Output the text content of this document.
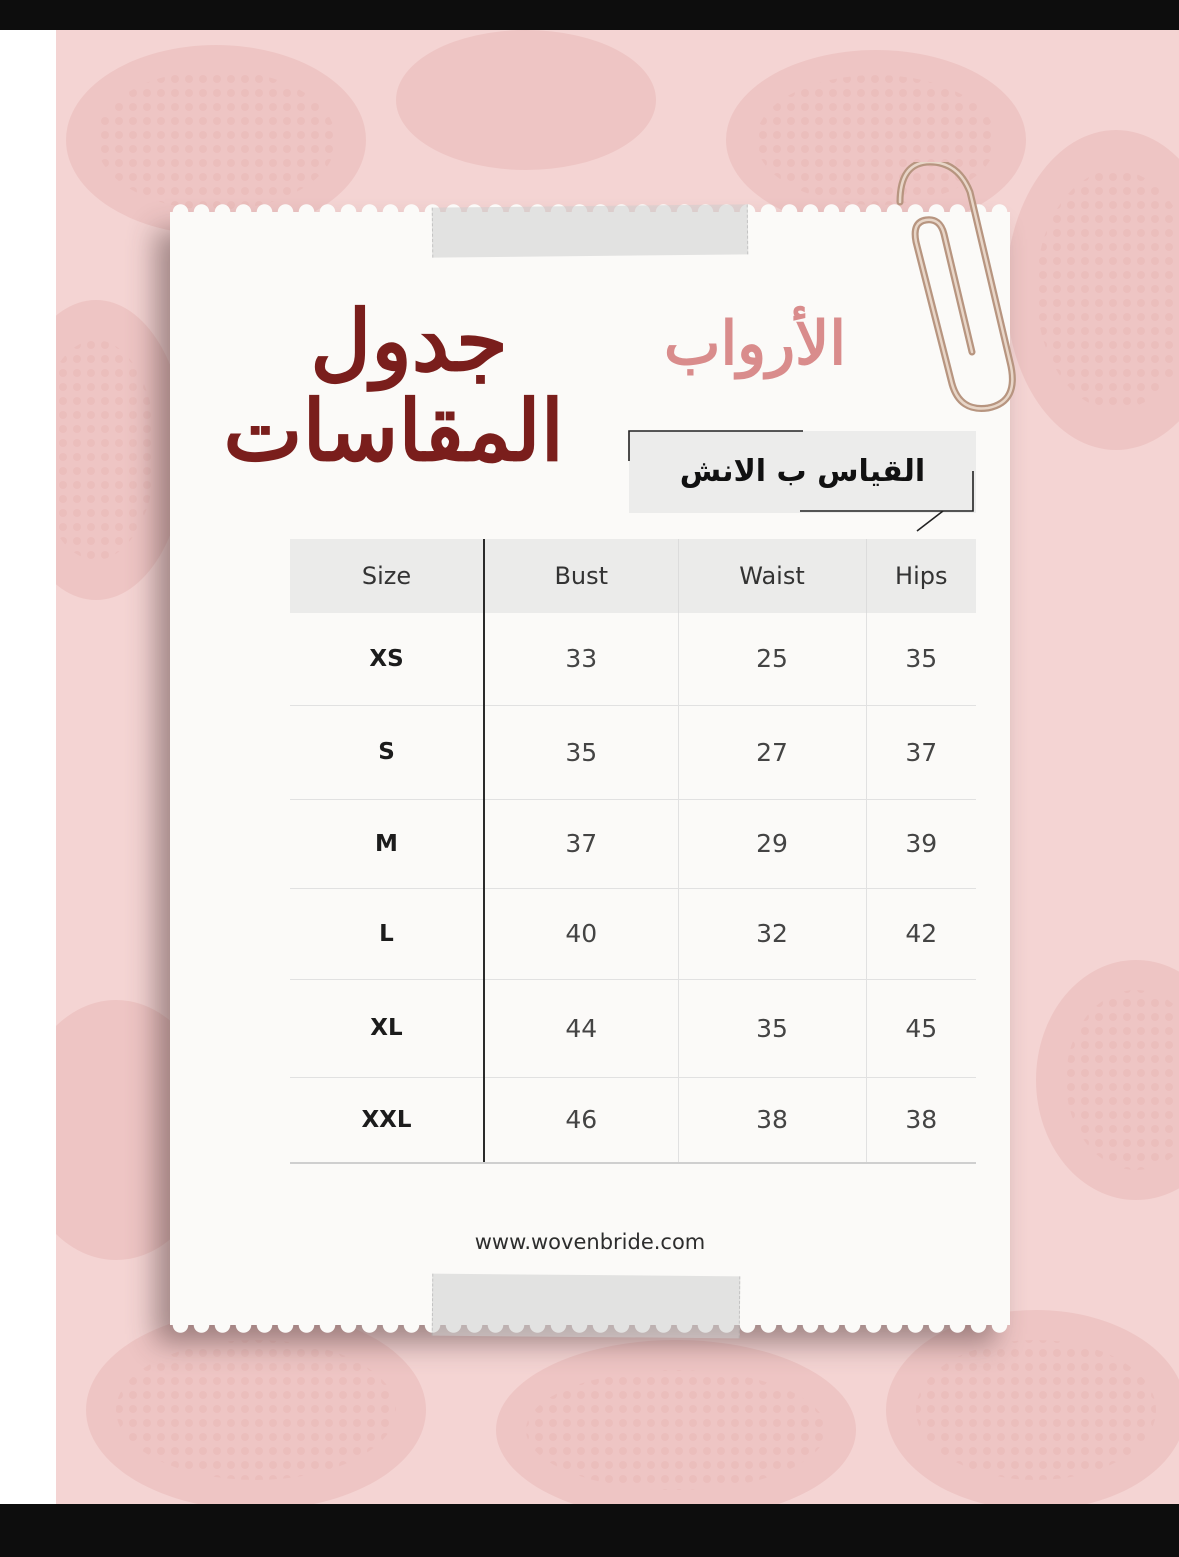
جدول المقاسات
الأرواب
القياس ب الانش
Size	Bust	Waist	Hips
XS	33	25	35
S	35	27	37
M	37	29	39
L	40	32	42
XL	44	35	45
XXL	46	38	38
www.wovenbride.com
